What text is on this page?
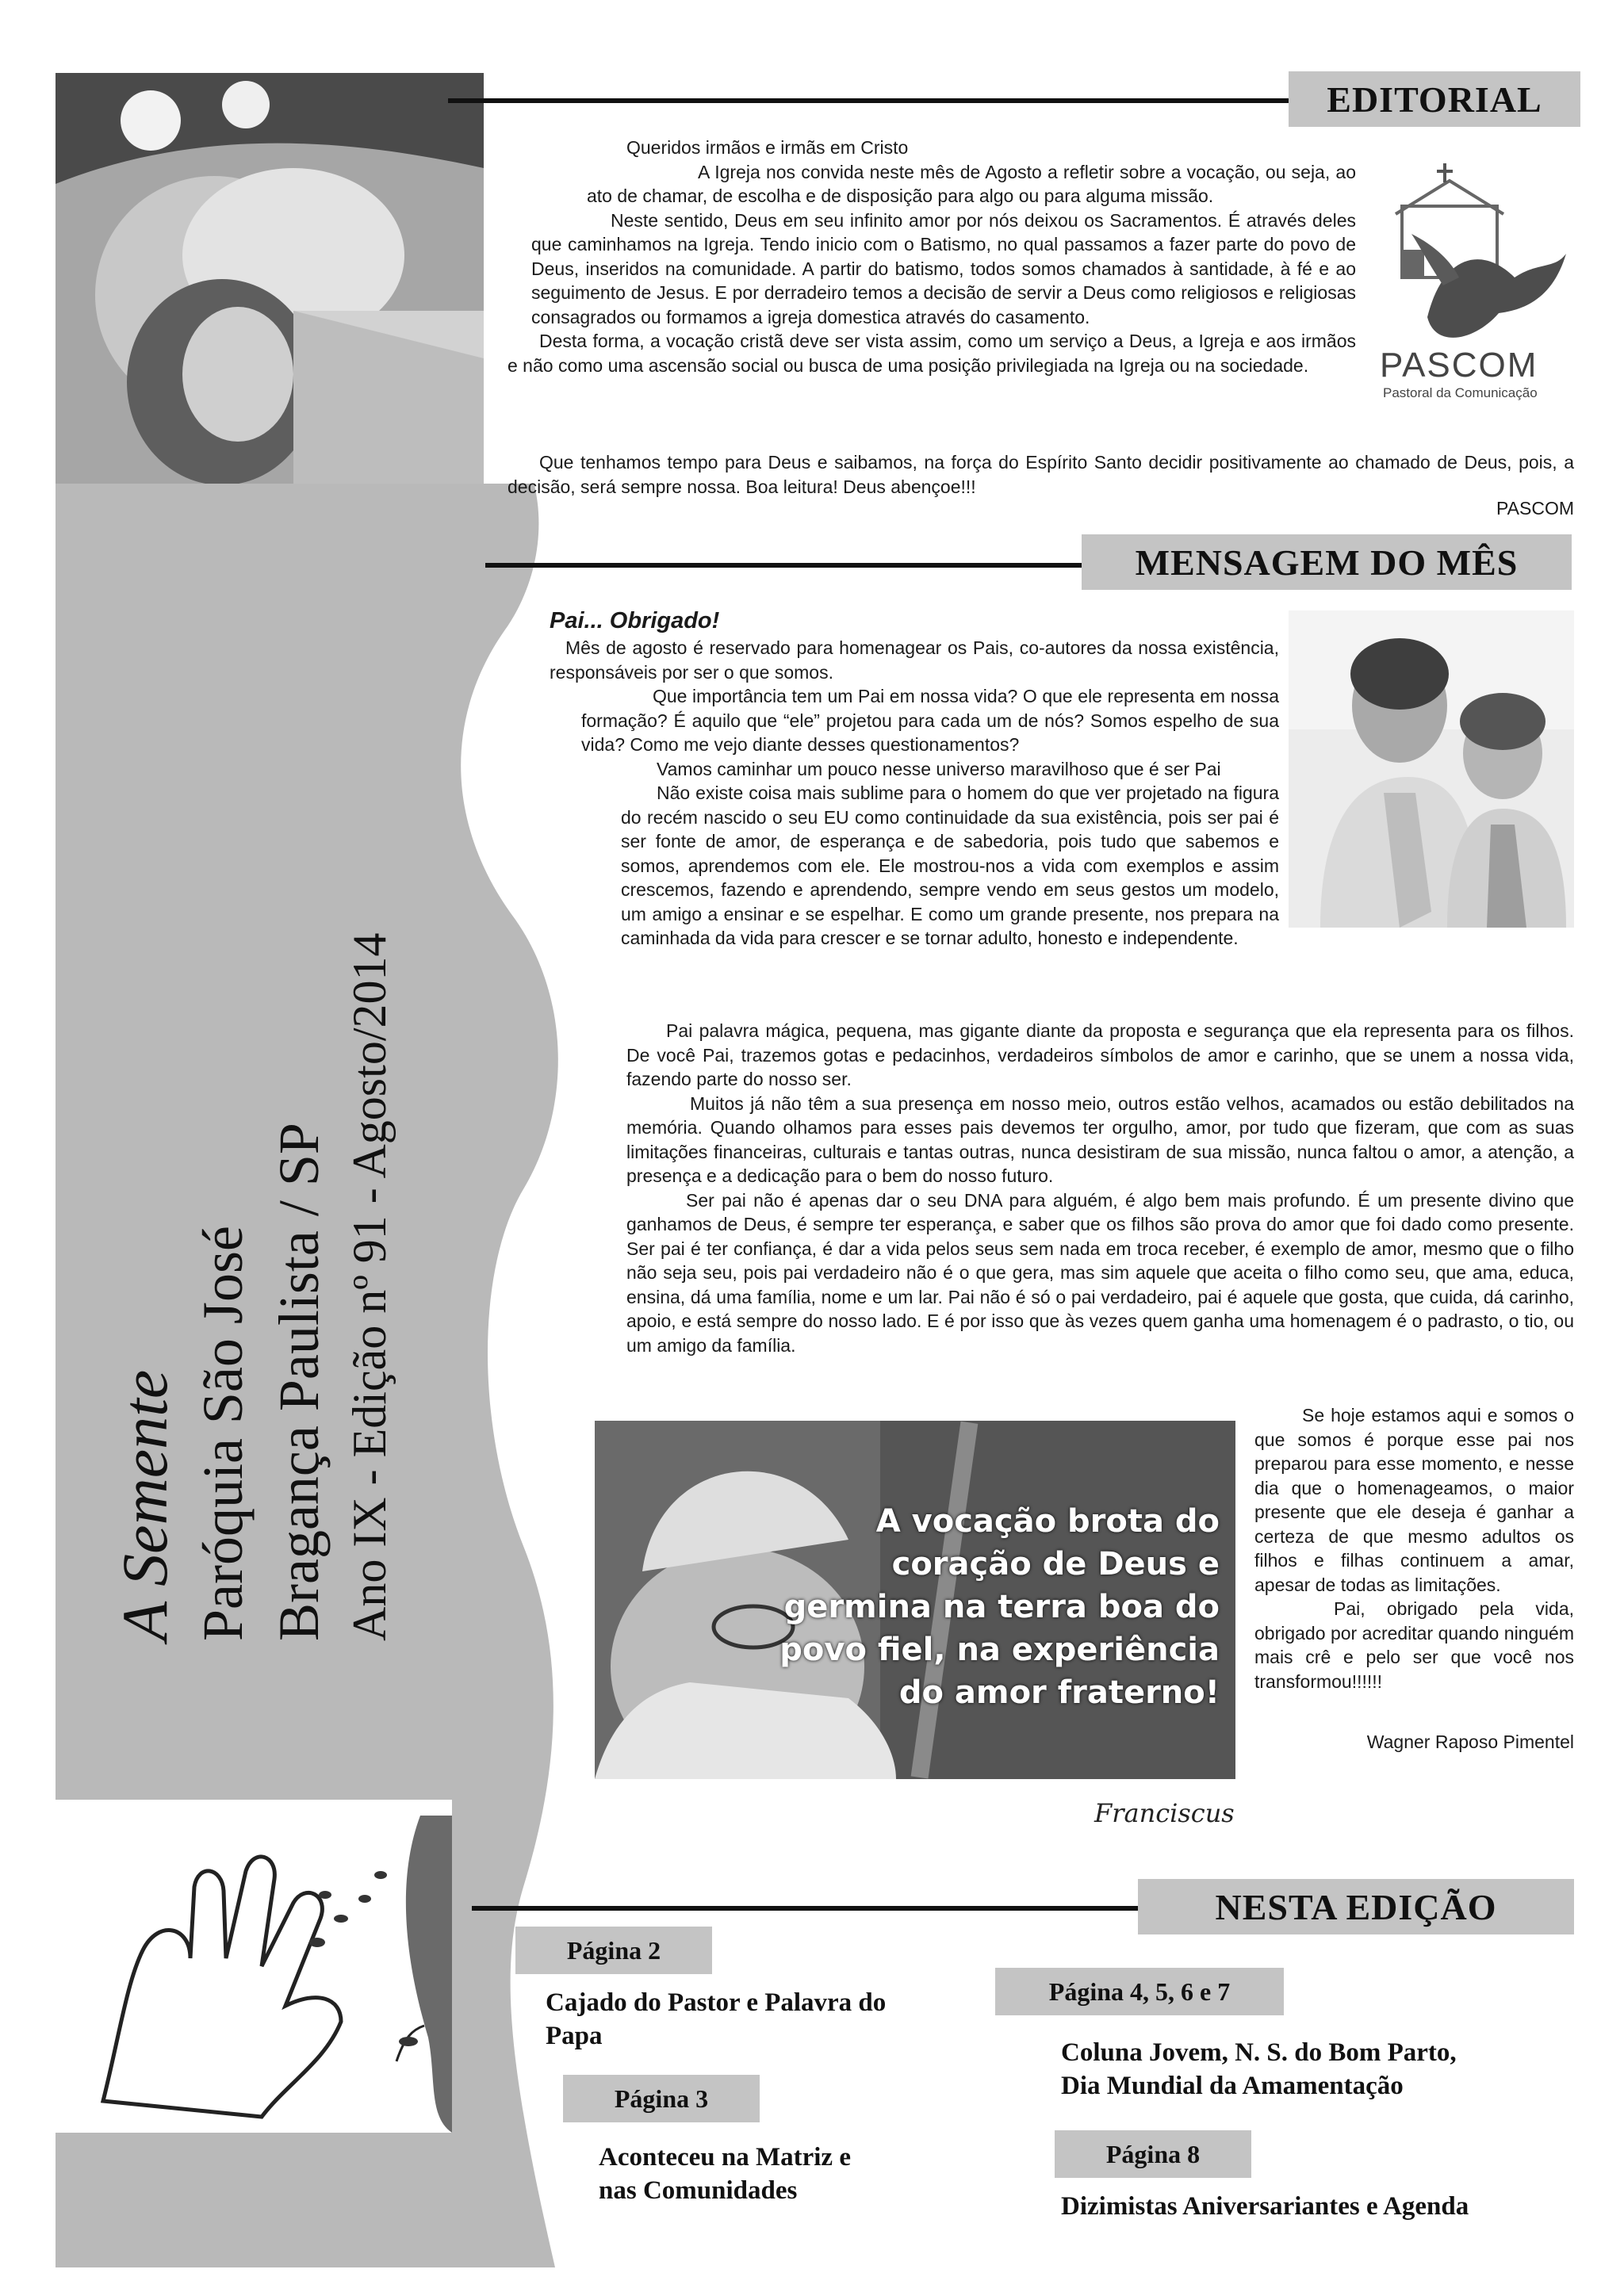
A Semente Paróquia São José Bragança Paulista / SP Ano IX - Edição nº 91 - Agosto/2014
EDITORIAL
PASCOM
Pastoral da Comunicação

Queridos irmãos e irmãs em Cristo

A Igreja nos convida neste mês de Agosto a refletir sobre a vocação, ou seja, ao ato de chamar, de escolha e de disposição para algo ou para alguma missão.

Neste sentido, Deus em seu infinito amor por nós deixou os Sacramentos. É através deles que caminhamos na Igreja. Tendo inicio com o Batismo, no qual passamos a fazer parte do povo de Deus, inseridos na comunidade. A partir do batismo, todos somos chamados à santidade, à fé e ao seguimento de Jesus. E por derradeiro temos a decisão de servir a Deus como religiosos e religiosas consagrados ou formamos a igreja domestica através do casamento.

Desta forma, a vocação cristã deve ser vista assim, como um serviço a Deus, a Igreja e aos irmãos e não como uma ascensão social ou busca de uma posição privilegiada na Igreja ou na sociedade.

Que tenhamos tempo para Deus e saibamos, na força do Espírito Santo decidir positivamente ao chamado de Deus, pois, a decisão, será sempre nossa. Boa leitura! Deus abençoe!!!

PASCOM
MENSAGEM DO MÊS
Pai... Obrigado!

Mês de agosto é reservado para homenagear os Pais, co-autores da nossa existência, responsáveis por ser o que somos.

Que importância tem um Pai em nossa vida? O que ele representa em nossa formação? É aquilo que “ele” projetou para cada um de nós? Somos espelho de sua vida? Como me vejo diante desses questionamentos?

Vamos caminhar um pouco nesse universo maravilhoso que é ser Pai

Não existe coisa mais sublime para o homem do que ver projetado na figura do recém nascido o seu EU como continuidade da sua existência, pois ser pai é ser fonte de amor, de esperança e de sabedoria, pois tudo que sabemos e somos, aprendemos com ele. Ele mostrou-nos a vida com exemplos e assim crescemos, fazendo e aprendendo, sempre vendo em seus gestos um modelo, um amigo a ensinar e se espelhar. E como um grande presente, nos prepara na caminhada da vida para crescer e se tornar adulto, honesto e independente.

Pai palavra mágica, pequena, mas gigante diante da proposta e segurança que ela representa para os filhos. De você Pai, trazemos gotas e pedacinhos, verdadeiros símbolos de amor e carinho, que se unem a nossa vida, fazendo parte do nosso ser.

Muitos já não têm a sua presença em nosso meio, outros estão velhos, acamados ou estão debilitados na memória. Quando olhamos para esses pais devemos ter orgulho, amor, por tudo que fizeram, que com as suas limitações financeiras, culturais e tantas outras, nunca desistiram de sua missão, nunca faltou o amor, a atenção, a presença e a dedicação para o bem do nosso futuro.

Ser pai não é apenas dar o seu DNA para alguém, é algo bem mais profundo. É um presente divino que ganhamos de Deus, é sempre ter esperança, e saber que os filhos são prova do amor que foi dado como presente. Ser pai é ter confiança, é dar a vida pelos seus sem nada em troca receber, é exemplo de amor, mesmo que o filho não seja seu, pois pai verdadeiro não é o que gera, mas sim aquele que aceita o filho como seu, que ama, educa, ensina, dá uma família, nome e um lar. Pai não é só o pai verdadeiro, pai é aquele que gosta, que cuida, dá carinho, apoio, e está sempre do nosso lado. E é por isso que às vezes quem ganha uma homenagem é o padrasto, o tio, ou um amigo da família.

A vocação brota do
coração de Deus e
germina na terra boa do
povo fiel, na experiência
do amor fraterno!
Franciscus

Se hoje estamos aqui e somos o que somos é porque esse pai nos preparou para esse momento, e nesse dia que o homenageamos, o maior presente que ele deseja é ganhar a certeza de que mesmo adultos os filhos e filhas continuem a amar, apesar de todas as limitações.

Pai, obrigado pela vida, obrigado por acreditar quando ninguém mais crê e pelo ser que você nos transformou!!!!!!

Wagner Raposo Pimentel
NESTA EDIÇÃO
Página 2
Cajado do Pastor e Palavra do
Papa
Página 3
Aconteceu na Matriz e
nas Comunidades
Página 4, 5, 6 e 7
Coluna Jovem, N. S. do Bom Parto,
Dia Mundial da Amamentação
Página 8
Dizimistas Aniversariantes e Agenda
